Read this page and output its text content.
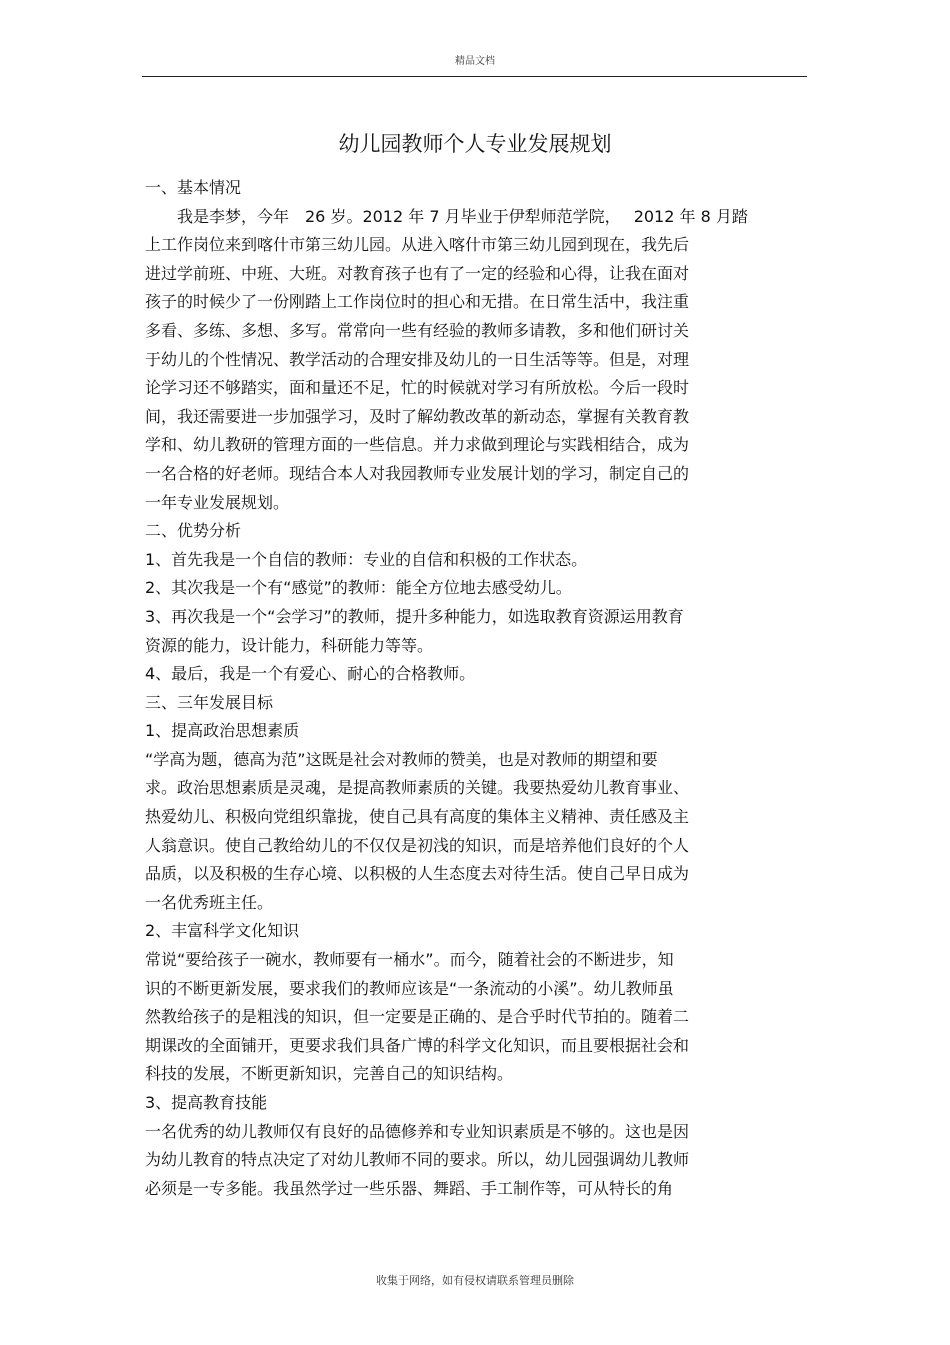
精品文档
幼儿园教师个人专业发展规划
一、基本情况
　　我是李梦，今年　26 岁。2012 年 7 月毕业于伊犁师范学院，　 2012 年 8 月踏
上工作岗位来到喀什市第三幼儿园。从进入喀什市第三幼儿园到现在，我先后
进过学前班、中班、大班。对教育孩子也有了一定的经验和心得，让我在面对
孩子的时候少了一份刚踏上工作岗位时的担心和无措。在日常生活中，我注重
多看、多练、多想、多写。常常向一些有经验的教师多请教，多和他们研讨关
于幼儿的个性情况、教学活动的合理安排及幼儿的一日生活等等。但是，对理
论学习还不够踏实，面和量还不足，忙的时候就对学习有所放松。今后一段时
间，我还需要进一步加强学习，及时了解幼教改革的新动态，掌握有关教育教
学和、幼儿教研的管理方面的一些信息。并力求做到理论与实践相结合，成为
一名合格的好老师。现结合本人对我园教师专业发展计划的学习，制定自己的
一年专业发展规划。
二、优势分析
1、首先我是一个自信的教师：专业的自信和积极的工作状态。
2、其次我是一个有“感觉”的教师：能全方位地去感受幼儿。
3、再次我是一个“会学习”的教师，提升多种能力，如选取教育资源运用教育
资源的能力，设计能力，科研能力等等。
4、最后，我是一个有爱心、耐心的合格教师。
三、三年发展目标
1、提高政治思想素质
“学高为题，德高为范”这既是社会对教师的赞美，也是对教师的期望和要
求。政治思想素质是灵魂，是提高教师素质的关键。我要热爱幼儿教育事业、
热爱幼儿、积极向党组织靠拢，使自己具有高度的集体主义精神、责任感及主
人翁意识。使自己教给幼儿的不仅仅是初浅的知识，而是培养他们良好的个人
品质，以及积极的生存心境、以积极的人生态度去对待生活。使自己早日成为
一名优秀班主任。
2、丰富科学文化知识
常说“要给孩子一碗水，教师要有一桶水”。而今，随着社会的不断进步，知
识的不断更新发展，要求我们的教师应该是“一条流动的小溪”。幼儿教师虽
然教给孩子的是粗浅的知识，但一定要是正确的、是合乎时代节拍的。随着二
期课改的全面铺开，更要求我们具备广博的科学文化知识，而且要根据社会和
科技的发展，不断更新知识，完善自己的知识结构。
3、提高教育技能
一名优秀的幼儿教师仅有良好的品德修养和专业知识素质是不够的。这也是因
为幼儿教育的特点决定了对幼儿教师不同的要求。所以，幼儿园强调幼儿教师
必须是一专多能。我虽然学过一些乐器、舞蹈、手工制作等，可从特长的角
收集于网络，如有侵权请联系管理员删除
